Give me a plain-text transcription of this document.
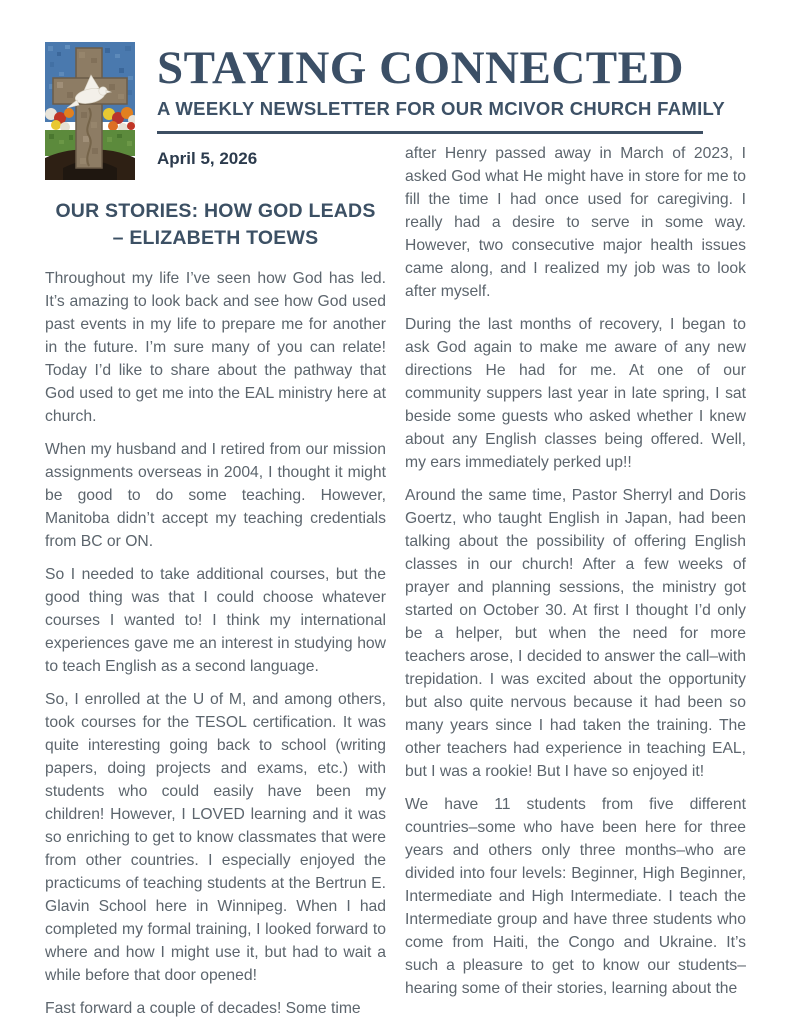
STAYING CONNECTED
A WEEKLY NEWSLETTER FOR OUR MCIVOR CHURCH FAMILY
April 5, 2026
OUR STORIES: HOW GOD LEADS
– ELIZABETH TOEWS

Throughout my life I’ve seen how God has led. It’s amazing to look back and see how God used past events in my life to prepare me for another in the future. I’m sure many of you can relate! Today I’d like to share about the pathway that God used to get me into the EAL ministry here at church.

When my husband and I retired from our mission assignments overseas in 2004, I thought it might be good to do some teaching. However, Manitoba didn’t accept my teaching credentials from BC or ON.

So I needed to take additional courses, but the good thing was that I could choose whatever courses I wanted to! I think my international experiences gave me an interest in studying how to teach English as a second language.

So, I enrolled at the U of M, and among others, took courses for the TESOL certification. It was quite interesting going back to school (writing papers, doing projects and exams, etc.) with students who could easily have been my children! However, I LOVED learning and it was so enriching to get to know classmates that were from other countries. I especially enjoyed the practicums of teaching students at the Bertrun E. Glavin School here in Winnipeg. When I had completed my formal training, I looked forward to where and how I might use it, but had to wait a while before that door opened!

Fast forward a couple of decades! Some time

after Henry passed away in March of 2023, I asked God what He might have in store for me to fill the time I had once used for caregiving. I really had a desire to serve in some way. However, two consecutive major health issues came along, and I realized my job was to look after myself.

During the last months of recovery, I began to ask God again to make me aware of any new directions He had for me. At one of our community suppers last year in late spring, I sat beside some guests who asked whether I knew about any English classes being offered. Well, my ears immediately perked up!!

Around the same time, Pastor Sherryl and Doris Goertz, who taught English in Japan, had been talking about the possibility of offering English classes in our church! After a few weeks of prayer and planning sessions, the ministry got started on October 30. At first I thought I’d only be a helper, but when the need for more teachers arose, I decided to answer the call–with trepidation. I was excited about the opportunity but also quite nervous because it had been so many years since I had taken the training. The other teachers had experience in teaching EAL, but I was a rookie! But I have so enjoyed it!

We have 11 students from five different countries–some who have been here for three years and others only three months–who are divided into four levels: Beginner, High Beginner, Intermediate and High Intermediate. I teach the Intermediate group and have three students who come from Haiti, the Congo and Ukraine. It’s such a pleasure to get to know our students–hearing some of their stories, learning about the
